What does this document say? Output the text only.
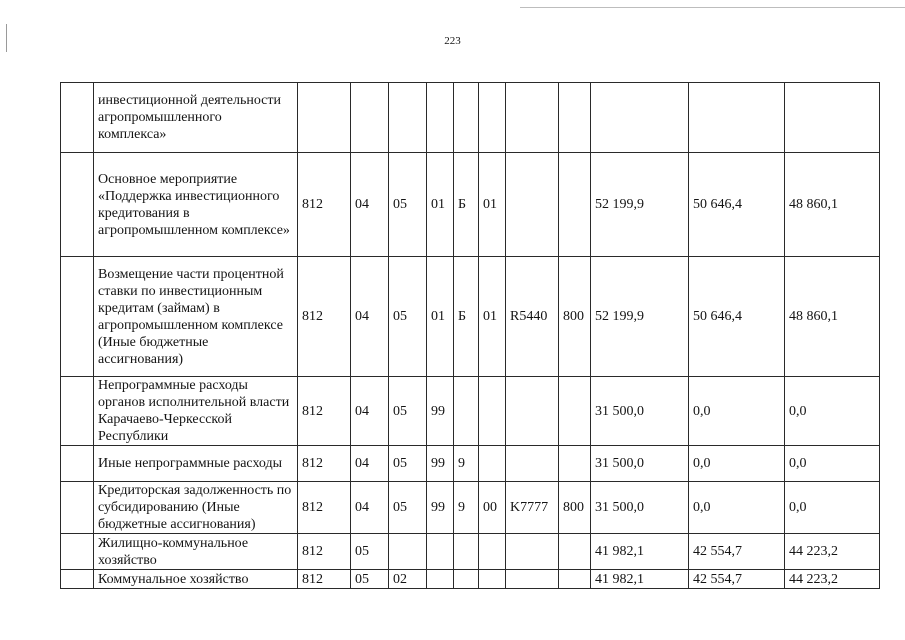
223
	инвестиционной деятельности агропромышленного комплекса»											
	Основное мероприятие «Поддержка инвестиционного кредитования в агропромышленном комплексе»	812	04	05	01	Б	01			52 199,9	50 646,4	48 860,1
	Возмещение части процентной ставки по инвестиционным кредитам (займам) в агропромышленном комплексе (Иные бюджетные ассигнования)	812	04	05	01	Б	01	R5440	800	52 199,9	50 646,4	48 860,1
	Непрограммные расходы органов исполнительной власти Карачаево-Черкесской Республики	812	04	05	99					31 500,0	0,0	0,0
	Иные непрограммные расходы	812	04	05	99	9				31 500,0	0,0	0,0
	Кредиторская задолженность по субсидированию (Иные бюджетные ассигнования)	812	04	05	99	9	00	K7777	800	31 500,0	0,0	0,0
	Жилищно-коммунальное хозяйство	812	05							41 982,1	42 554,7	44 223,2
	Коммунальное хозяйство	812	05	02						41 982,1	42 554,7	44 223,2
